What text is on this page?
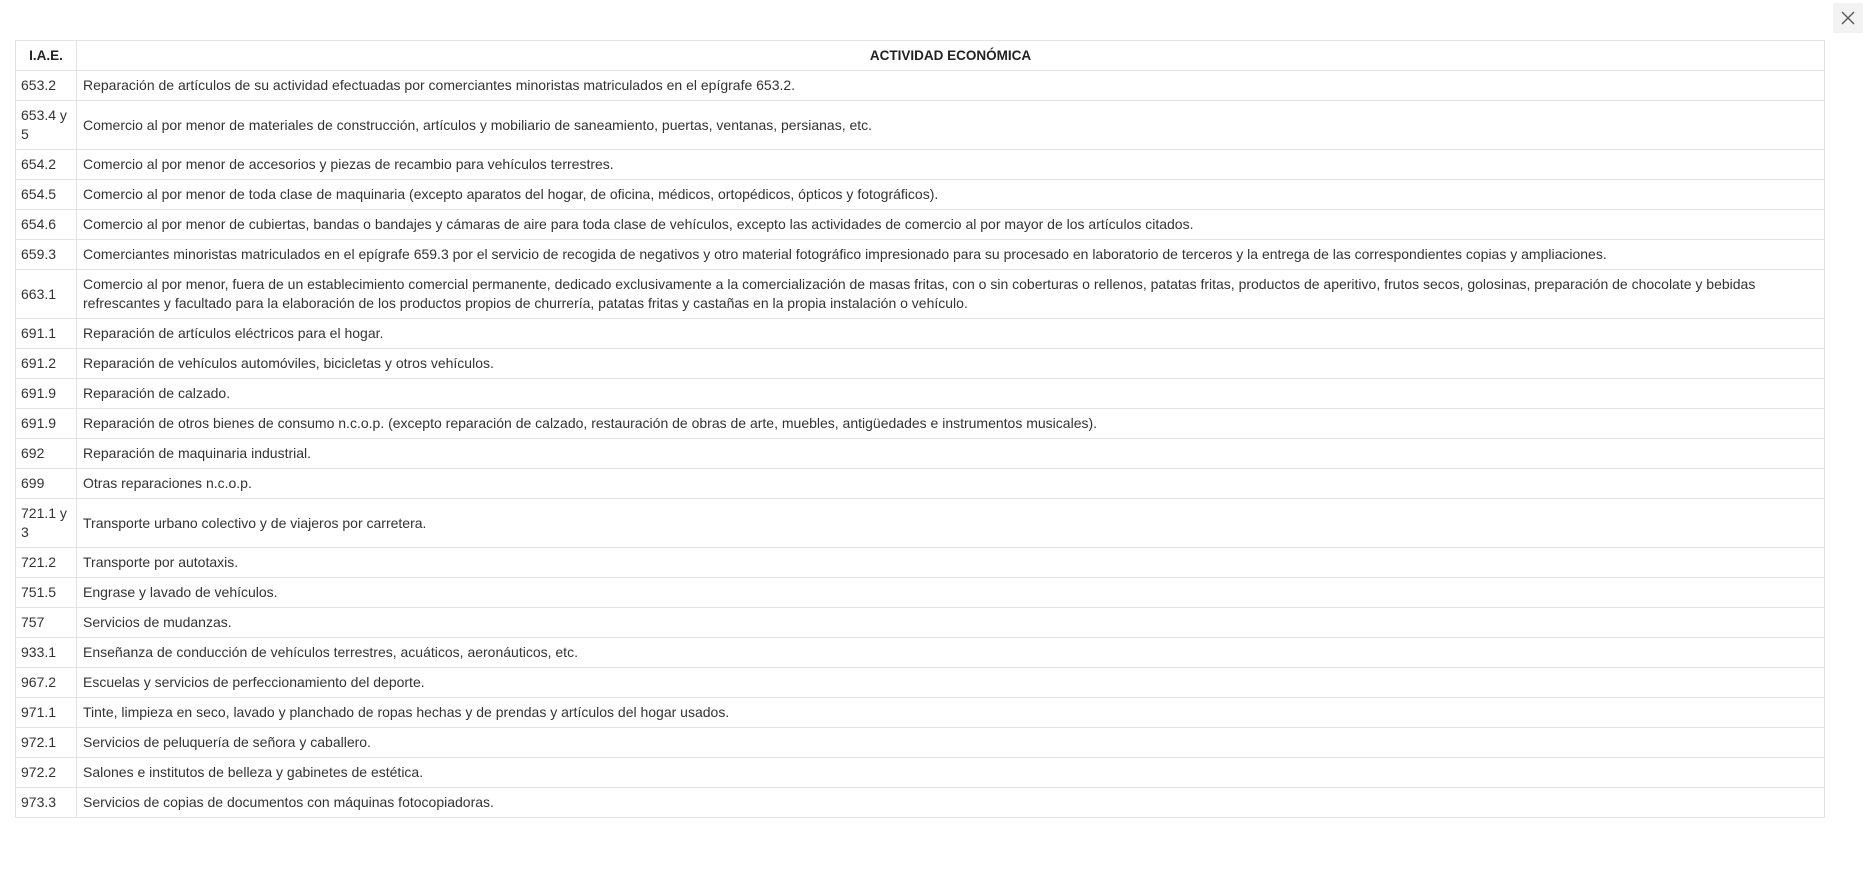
I.A.E.	ACTIVIDAD ECONÓMICA
653.2	Reparación de artículos de su actividad efectuadas por comerciantes minoristas matriculados en el epígrafe 653.2.
653.4 y 5	Comercio al por menor de materiales de construcción, artículos y mobiliario de saneamiento, puertas, ventanas, persianas, etc.
654.2	Comercio al por menor de accesorios y piezas de recambio para vehículos terrestres.
654.5	Comercio al por menor de toda clase de maquinaria (excepto aparatos del hogar, de oficina, médicos, ortopédicos, ópticos y fotográficos).
654.6	Comercio al por menor de cubiertas, bandas o bandajes y cámaras de aire para toda clase de vehículos, excepto las actividades de comercio al por mayor de los artículos citados.
659.3	Comerciantes minoristas matriculados en el epígrafe 659.3 por el servicio de recogida de negativos y otro material fotográfico impresionado para su procesado en laboratorio de terceros y la entrega de las correspondientes copias y ampliaciones.
663.1	Comercio al por menor, fuera de un establecimiento comercial permanente, dedicado exclusivamente a la comercialización de masas fritas, con o sin coberturas o rellenos, patatas fritas, productos de aperitivo, frutos secos, golosinas, preparación de chocolate y bebidas refrescantes y facultado para la elaboración de los productos propios de churrería, patatas fritas y castañas en la propia instalación o vehículo.
691.1	Reparación de artículos eléctricos para el hogar.
691.2	Reparación de vehículos automóviles, bicicletas y otros vehículos.
691.9	Reparación de calzado.
691.9	Reparación de otros bienes de consumo n.c.o.p. (excepto reparación de calzado, restauración de obras de arte, muebles, antigüedades e instrumentos musicales).
692	Reparación de maquinaria industrial.
699	Otras reparaciones n.c.o.p.
721.1 y 3	Transporte urbano colectivo y de viajeros por carretera.
721.2	Transporte por autotaxis.
751.5	Engrase y lavado de vehículos.
757	Servicios de mudanzas.
933.1	Enseñanza de conducción de vehículos terrestres, acuáticos, aeronáuticos, etc.
967.2	Escuelas y servicios de perfeccionamiento del deporte.
971.1	Tinte, limpieza en seco, lavado y planchado de ropas hechas y de prendas y artículos del hogar usados.
972.1	Servicios de peluquería de señora y caballero.
972.2	Salones e institutos de belleza y gabinetes de estética.
973.3	Servicios de copias de documentos con máquinas fotocopiadoras.
